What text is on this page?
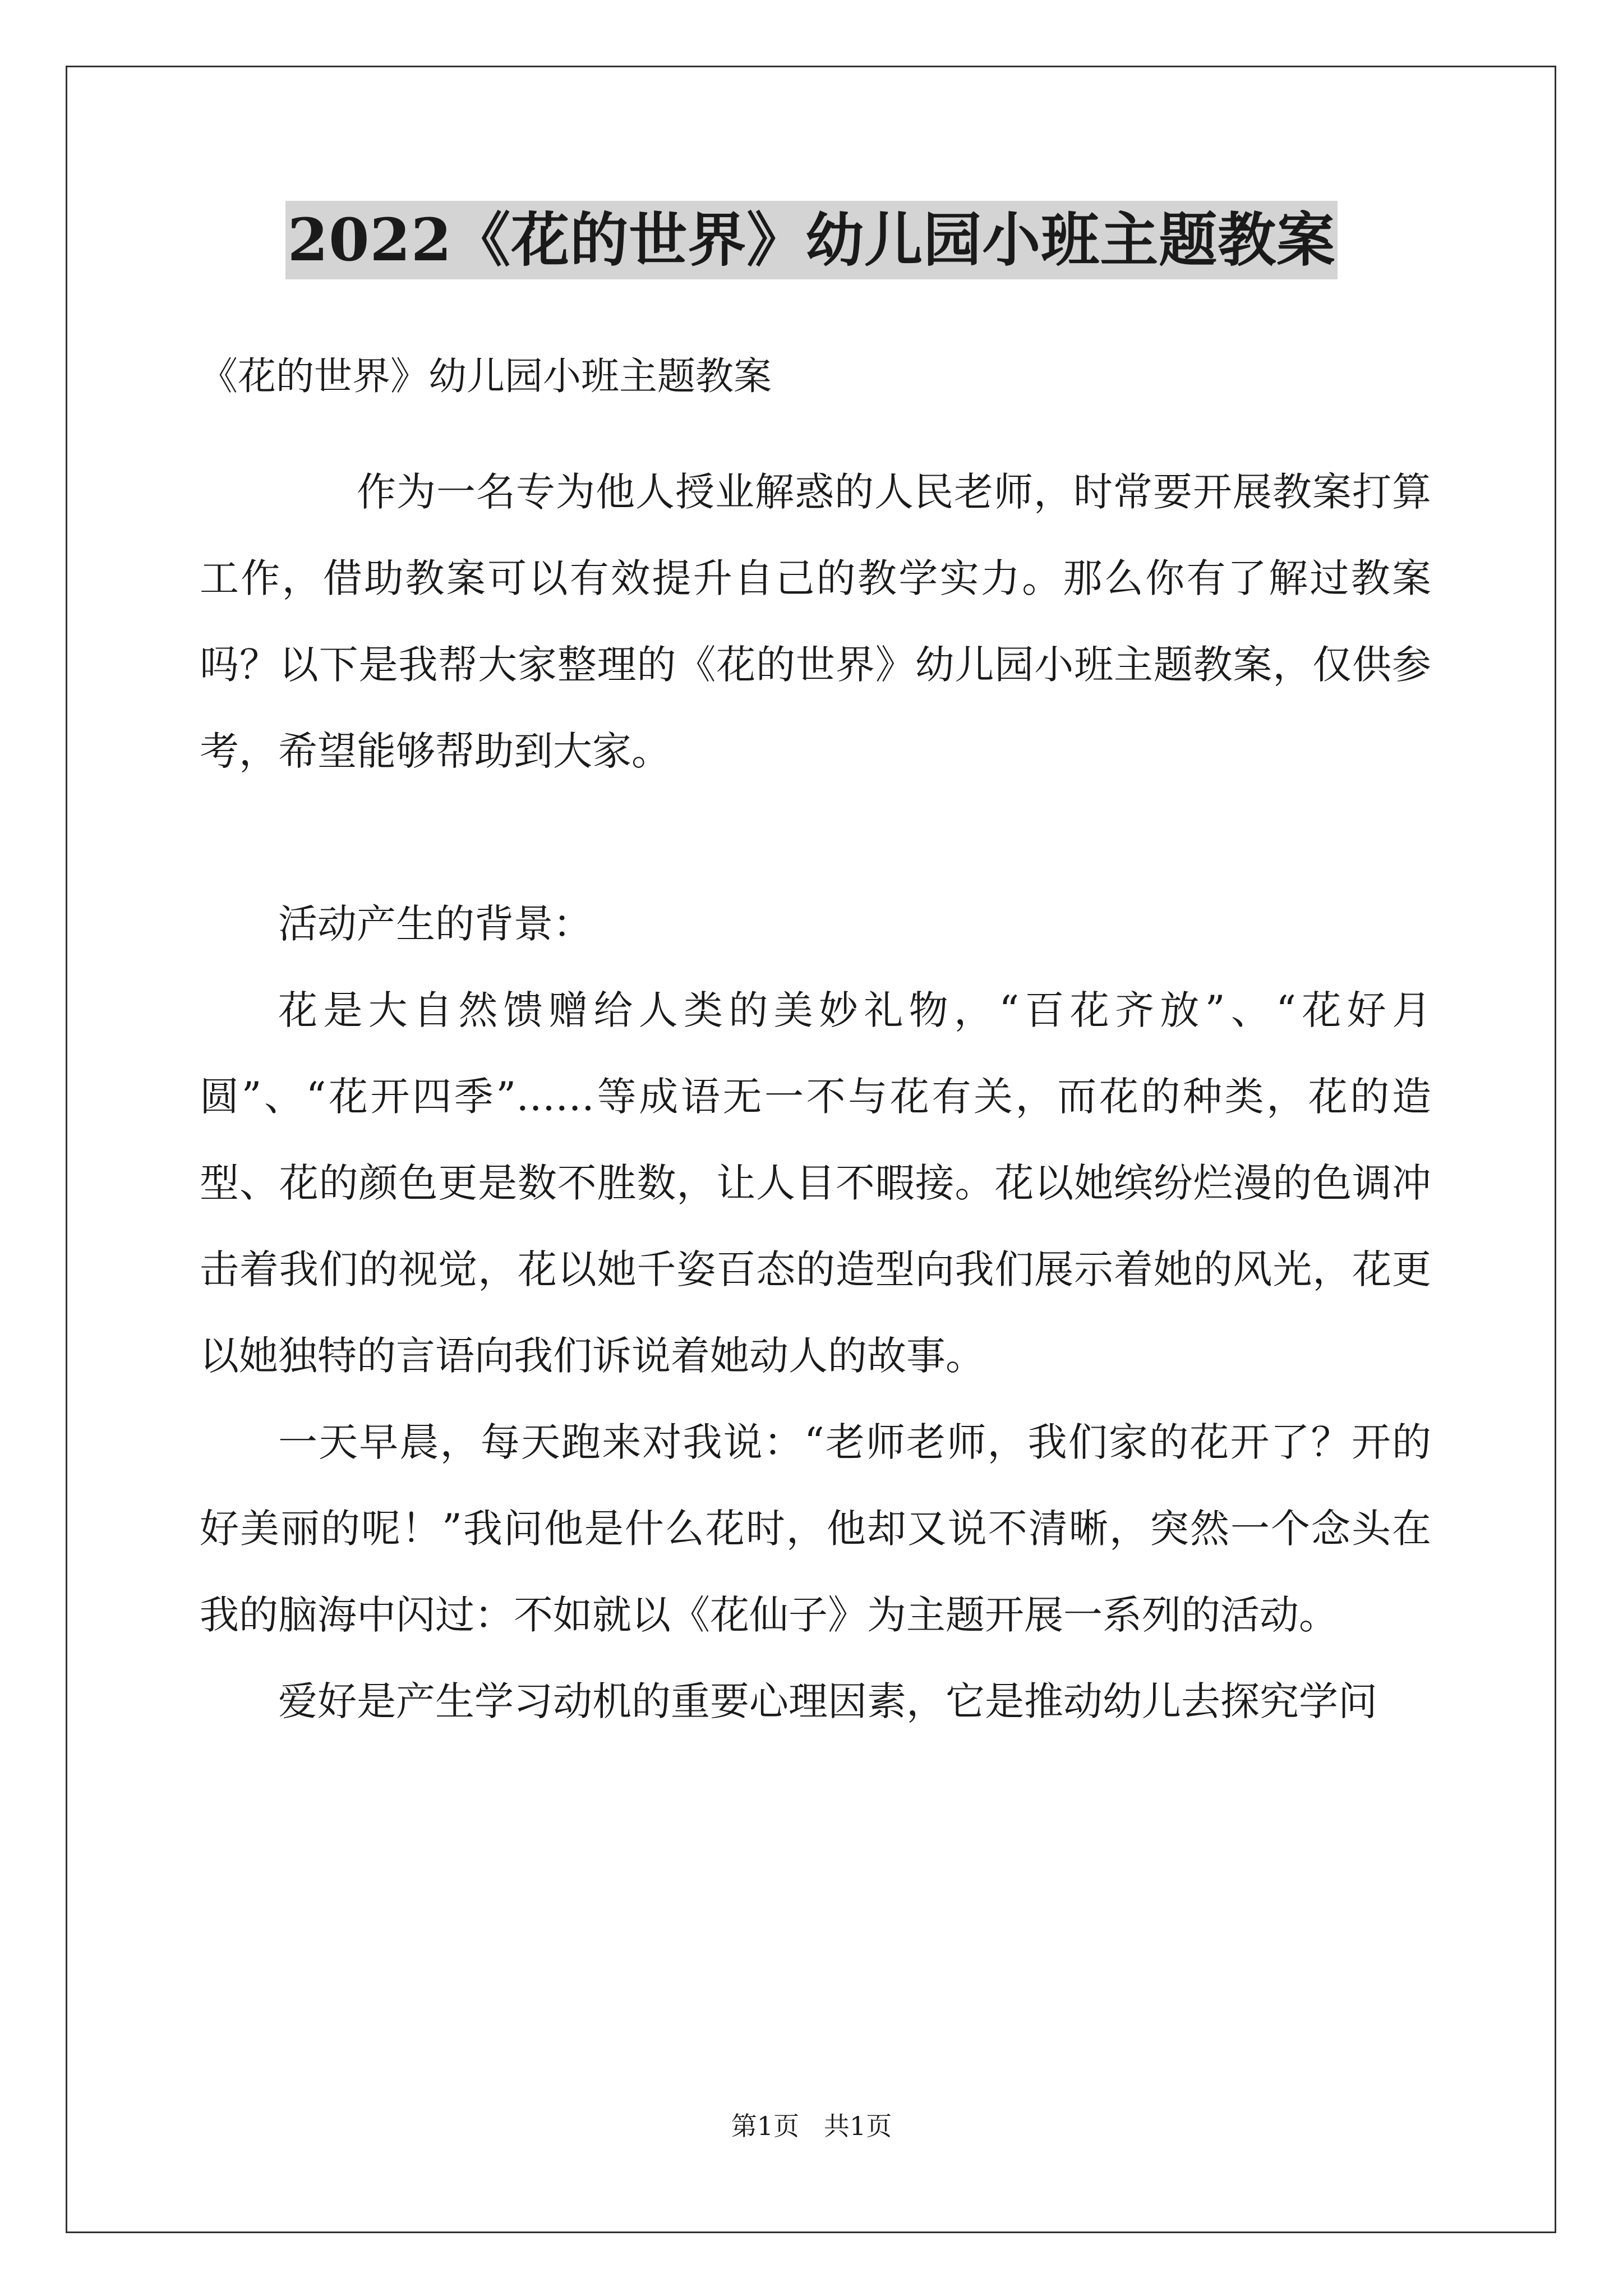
2022《花的世界》幼儿园小班主题教案
《花的世界》幼儿园小班主题教案

作为一名专为他人授业解惑的人民老师，时常要开展教案打算工作，借助教案可以有效提升自己的教学实力。那么你有了解过教案吗？以下是我帮大家整理的《花的世界》幼儿园小班主题教案，仅供参考，希望能够帮助到大家。

活动产生的背景：

花是大自然馈赠给人类的美妙礼物，“百花齐放”、“花好月圆”、“花开四季”……等成语无一不与花有关，而花的种类，花的造型、花的颜色更是数不胜数，让人目不暇接。花以她缤纷烂漫的色调冲击着我们的视觉，花以她千姿百态的造型向我们展示着她的风光，花更以她独特的言语向我们诉说着她动人的故事。

一天早晨，每天跑来对我说：“老师老师，我们家的花开了？开的好美丽的呢！”我问他是什么花时，他却又说不清晰，突然一个念头在我的脑海中闪过：不如就以《花仙子》为主题开展一系列的活动。

爱好是产生学习动机的重要心理因素，它是推动幼儿去探究学问

第1页   共1页
